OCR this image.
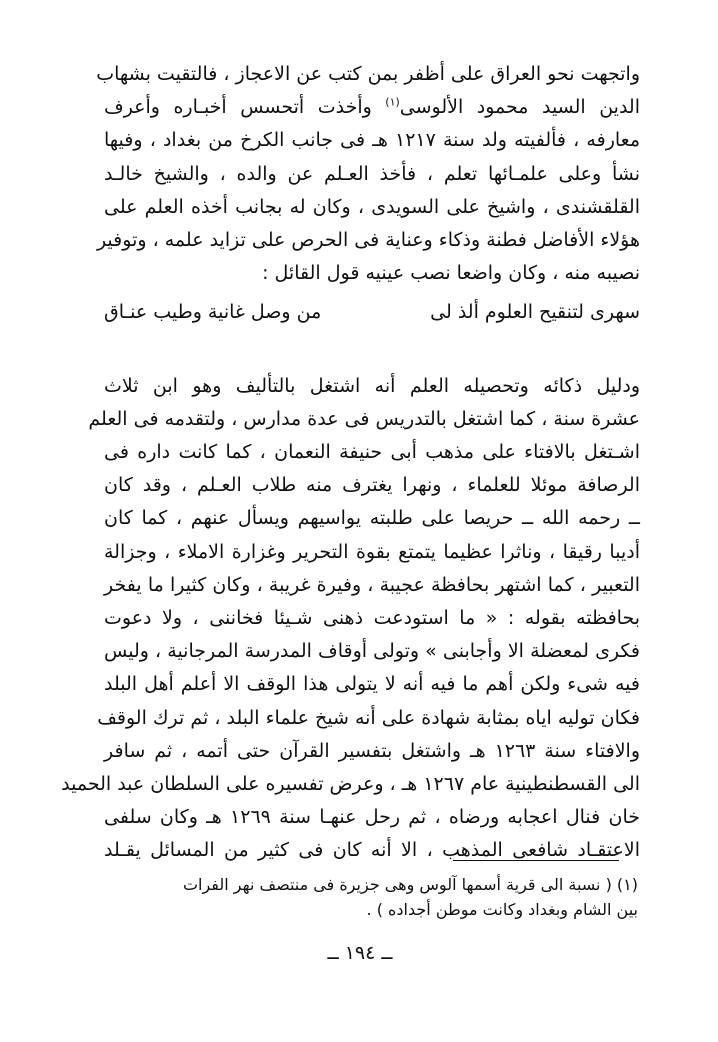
واتجهت نحو العراق على أظفر بمن كتب عن الاعجاز ، فالتقيت بشهاب
الدين السيد محمود الألوسى$^{(١)}$ وأخذت أتحسس أخبـاره وأعرف
معارفه ، فألفيته ولد سنة ١٢١٧ هـ فى جانب الكرخ من بغداد ، وفيها
نشأ وعلى علمـائها تعلم ، فأخذ العـلم عن والده ، والشيخ خالـد
القلقشندى ، واشيخ على السويدى ، وكان له بجانب أخذه العلم على
هؤلاء الأفاضل فطنة وذكاء وعناية فى الحرص على تزايد علمه ، وتوفير
نصيبه منه ، وكان واضعا نصب عينيه قول القائل :

سهرى لتنقيح العلوم ألذ لى
من وصل غانية وطيب عنـاق

ودليل ذكائه وتحصيله العلم أنه اشتغل بالتأليف وهو ابن ثلاث
عشرة سنة ، كما اشتغل بالتدريس فى عدة مدارس ، ولتقدمه فى العلم
اشـتغل بالافتاء على مذهب أبى حنيفة النعمان ، كما كانت داره فى
الرصافة موئلا للعلماء ، ونهرا يغترف منه طلاب العـلم ، وقد كان
ــ رحمه الله ــ حريصا على طلبته يواسيهم ويسأل عنهم ، كما كان
أديبا رقيقا ، وناثرا عظيما يتمتع بقوة التحرير وغزارة الاملاء ، وجزالة
التعبير ، كما اشتهر بحافظة عجيبة ، وفيرة غريبة ، وكان كثيرا ما يفخر
بحافظته بقوله : « ما استودعت ذهنى شـيئا فخاننى ، ولا دعوت
فكرى لمعضلة الا وأجابنى » وتولى أوقاف المدرسة المرجانية ، وليس
فيه شىء ولكن أهم ما فيه أنه لا يتولى هذا الوقف الا أعلم أهل البلد
فكان توليه اياه بمثابة شهادة على أنه شيخ علماء البلد ، ثم ترك الوقف
والافتاء سنة ١٢٦٣ هـ واشتغل بتفسير القرآن حتى أتمه ، ثم سافر
الى القسطنطينية عام ١٢٦٧ هـ ، وعرض تفسيره على السلطان عبد الحميد
خان فنال اعجابه ورضاه ، ثم رحل عنهـا سنة ١٢٦٩ هـ وكان سلفى
الاعتقـاد شافعى المذهب ، الا أنه كان فى كثير من المسائل يقـلد

(١) ( نسبة الى قرية أسمها آلوس وهى جزيرة فى منتصف نهر الفرات
بين الشام وبغداد وكانت موطن أجداده ) .
ــ ١٩٤ ــ
